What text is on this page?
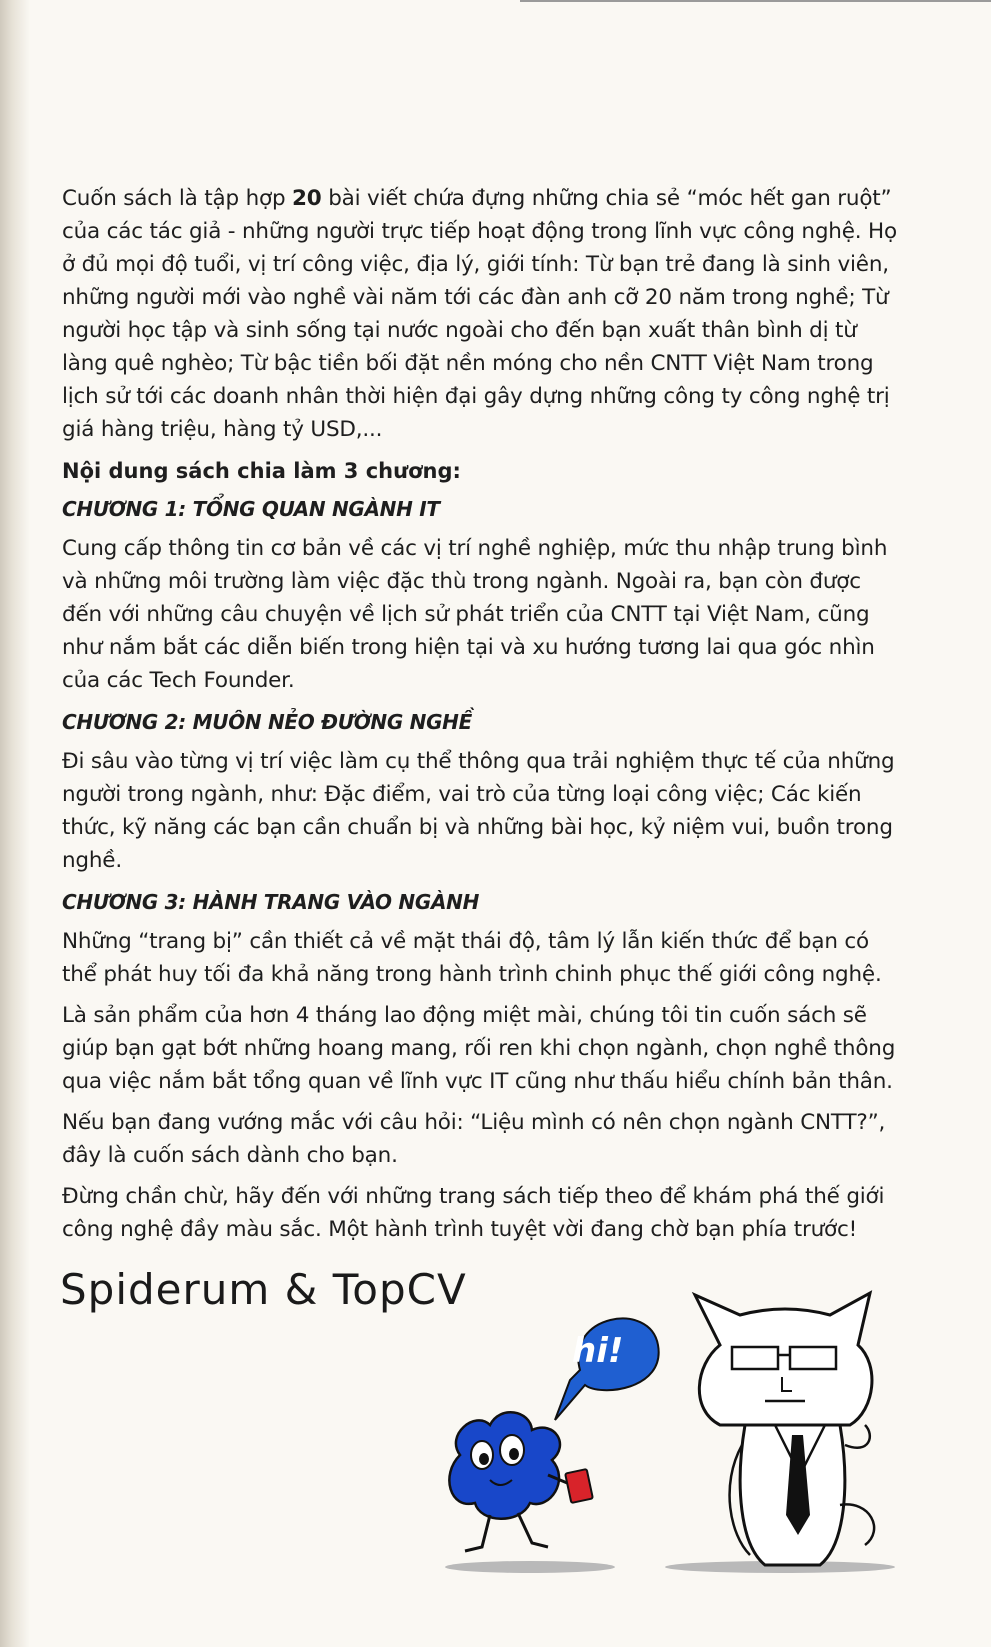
Cuốn sách là tập hợp 20 bài viết chứa đựng những chia sẻ “móc hết gan ruột” của các tác giả - những người trực tiếp hoạt động trong lĩnh vực công nghệ. Họ ở đủ mọi độ tuổi, vị trí công việc, địa lý, giới tính: Từ bạn trẻ đang là sinh viên, những người mới vào nghề vài năm tới các đàn anh cỡ 20 năm trong nghề; Từ người học tập và sinh sống tại nước ngoài cho đến bạn xuất thân bình dị từ làng quê nghèo; Từ bậc tiền bối đặt nền móng cho nền CNTT Việt Nam trong lịch sử tới các doanh nhân thời hiện đại gây dựng những công ty công nghệ trị giá hàng triệu, hàng tỷ USD,...

Nội dung sách chia làm 3 chương:
CHƯƠNG 1: TỔNG QUAN NGÀNH IT

Cung cấp thông tin cơ bản về các vị trí nghề nghiệp, mức thu nhập trung bình và những môi trường làm việc đặc thù trong ngành. Ngoài ra, bạn còn được đến với những câu chuyện về lịch sử phát triển của CNTT tại Việt Nam, cũng như nắm bắt các diễn biến trong hiện tại và xu hướng tương lai qua góc nhìn của các Tech Founder.

CHƯƠNG 2: MUÔN NẺO ĐƯỜNG NGHỀ

Đi sâu vào từng vị trí việc làm cụ thể thông qua trải nghiệm thực tế của những người trong ngành, như: Đặc điểm, vai trò của từng loại công việc; Các kiến thức, kỹ năng các bạn cần chuẩn bị và những bài học, kỷ niệm vui, buồn trong nghề.

CHƯƠNG 3: HÀNH TRANG VÀO NGÀNH

Những “trang bị” cần thiết cả về mặt thái độ, tâm lý lẫn kiến thức để bạn có thể phát huy tối đa khả năng trong hành trình chinh phục thế giới công nghệ.

Là sản phẩm của hơn 4 tháng lao động miệt mài, chúng tôi tin cuốn sách sẽ giúp bạn gạt bớt những hoang mang, rối ren khi chọn ngành, chọn nghề thông qua việc nắm bắt tổng quan về lĩnh vực IT cũng như thấu hiểu chính bản thân.

Nếu bạn đang vướng mắc với câu hỏi: “Liệu mình có nên chọn ngành CNTT?”, đây là cuốn sách dành cho bạn.

Đừng chần chừ, hãy đến với những trang sách tiếp theo để khám phá thế giới công nghệ đầy màu sắc. Một hành trình tuyệt vời đang chờ bạn phía trước!

Spiderum & TopCV
hi!
